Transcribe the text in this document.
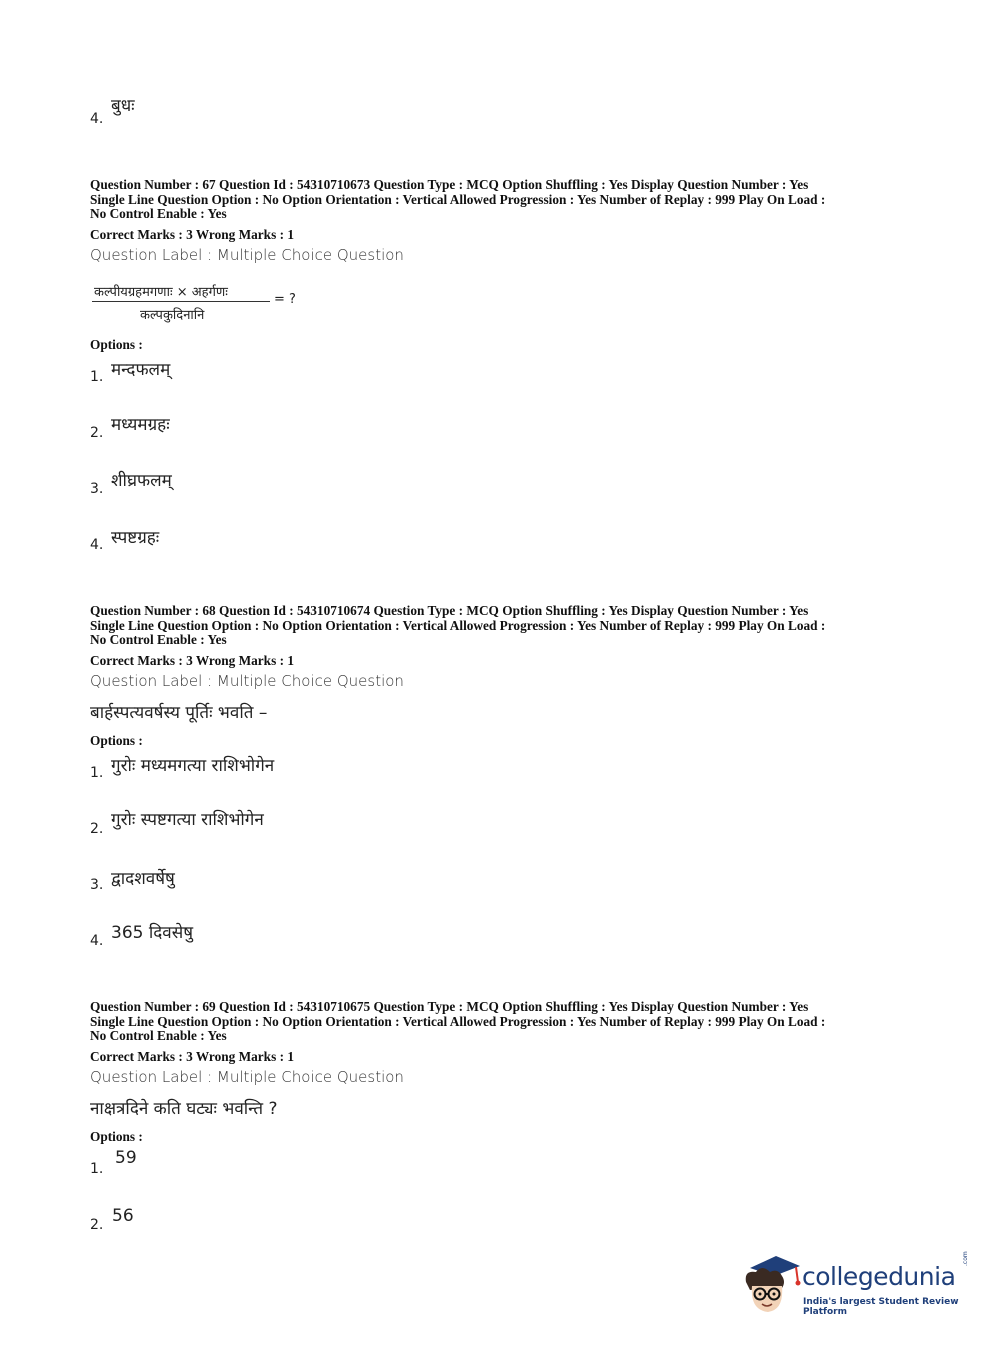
4.
बुधः
Question Number : 67 Question Id : 54310710673 Question Type : MCQ Option Shuffling : Yes Display Question Number : Yes
Single Line Question Option : No Option Orientation : Vertical Allowed Progression : Yes Number of Replay : 999 Play On Load :
No Control Enable : Yes
Correct Marks : 3 Wrong Marks : 1
Question Label : Multiple Choice Question
कल्पीयग्रहमगणाः × अहर्गणः
कल्पकुदिनानि
= ?
Options :
1. मन्दफलम्
2. मध्यमग्रहः
3. शीघ्रफलम्
4. स्पष्टग्रहः
Question Number : 68 Question Id : 54310710674 Question Type : MCQ Option Shuffling : Yes Display Question Number : Yes
Single Line Question Option : No Option Orientation : Vertical Allowed Progression : Yes Number of Replay : 999 Play On Load :
No Control Enable : Yes
Correct Marks : 3 Wrong Marks : 1
Question Label : Multiple Choice Question
बार्हस्पत्यवर्षस्य पूर्तिः भवति –
Options :
1. गुरोः मध्यमगत्या राशिभोगेन
2. गुरोः स्पष्टगत्या राशिभोगेन
3. द्वादशवर्षेषु
4. 365 दिवसेषु
Question Number : 69 Question Id : 54310710675 Question Type : MCQ Option Shuffling : Yes Display Question Number : Yes
Single Line Question Option : No Option Orientation : Vertical Allowed Progression : Yes Number of Replay : 999 Play On Load :
No Control Enable : Yes
Correct Marks : 3 Wrong Marks : 1
Question Label : Multiple Choice Question
नाक्षत्रदिने कति घट्यः भवन्ति ?
Options :
1.
59
2. 56
collegedunia
.com
India's largest Student Review Platform
